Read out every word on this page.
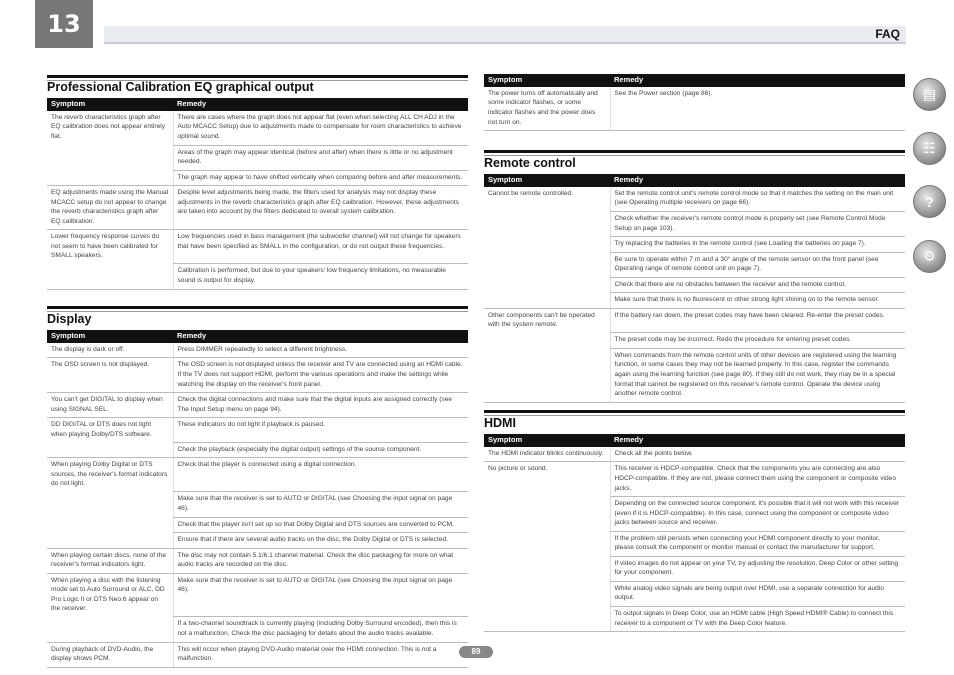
13	FAQ
Professional Calibration EQ graphical output
Symptom	Remedy
The reverb characteristics graph after EQ calibration does not appear entirely flat.	There are cases where the graph does not appear flat (even when selecting ALL CH ADJ in the Auto MCACC Setup) due to adjustments made to compensate for room characteristics to achieve optimal sound.
	Areas of the graph may appear identical (before and after) when there is little or no adjustment needed.
	The graph may appear to have shifted vertically when comparing before and after measurements.
EQ adjustments made using the Manual MCACC setup do not appear to change the reverb characteristics graph after EQ calibration.	Despite level adjustments being made, the filters used for analysis may not display these adjustments in the reverb characteristics graph after EQ calibration. However, these adjustments are taken into account by the filters dedicated to overall system calibration.
Lower frequency response curves do not seem to have been calibrated for SMALL speakers.	Low frequencies used in bass management (the subwoofer channel) will not change for speakers that have been specified as SMALL in the configuration, or do not output these frequencies.
	Calibration is performed, but due to your speakers' low frequency limitations, no measurable sound is output for display.
Display
Symptom	Remedy
The display is dark or off.	Press DIMMER repeatedly to select a different brightness.
The OSD screen is not displayed.	The OSD screen is not displayed unless the receiver and TV are connected using an HDMI cable. If the TV does not support HDMI, perform the various operations and make the settings while watching the display on the receiver's front panel.
You can't get DIGITAL to display when using SIGNAL SEL.	Check the digital connections and make sure that the digital inputs are assigned correctly (see The Input Setup menu on page 94).
DD DIGITAL or DTS does not light when playing Dolby/DTS software.	These indicators do not light if playback is paused.
	Check the playback (especially the digital output) settings of the source component.
When playing Dolby Digital or DTS sources, the receiver's format indicators do not light.	Check that the player is connected using a digital connection.
	Make sure that the receiver is set to AUTO or DIGITAL (see Choosing the input signal on page 46).
	Check that the player isn't set up so that Dolby Digital and DTS sources are converted to PCM.
	Ensure that if there are several audio tracks on the disc, the Dolby Digital or DTS is selected.
When playing certain discs, none of the receiver's format indicators light.	The disc may not contain 5.1/6.1 channel material. Check the disc packaging for more on what audio tracks are recorded on the disc.
When playing a disc with the listening mode set to Auto Surround or ALC, DD Pro Logic II or DTS Neo:6 appear on the receiver.	Make sure that the receiver is set to AUTO or DIGITAL (see Choosing the input signal on page 46).
	If a two-channel soundtrack is currently playing (including Dolby Surround encoded), then this is not a malfunction. Check the disc packaging for details about the audio tracks available.
During playback of DVD-Audio, the display shows PCM.	This will occur when playing DVD-Audio material over the HDMI connection. This is not a malfunction.
Symptom	Remedy
The power turns off automatically and some indicator flashes, or some indicator flashes and the power does not turn on.	See the Power section (page 86).
Remote control
Symptom	Remedy
Cannot be remote controlled.	Set the remote control unit's remote control mode so that it matches the setting on the main unit (see Operating multiple receivers on page 66).
	Check whether the receiver's remote control mode is properly set (see Remote Control Mode Setup on page 103).
	Try replacing the batteries in the remote control (see Loading the batteries on page 7).
	Be sure to operate within 7 m and a 30° angle of the remote sensor on the front panel (see Operating range of remote control unit on page 7).
	Check that there are no obstacles between the receiver and the remote control.
	Make sure that there is no fluorescent or other strong light shining on to the remote sensor.
Other components can't be operated with the system remote.	If the battery ran down, the preset codes may have been cleared. Re-enter the preset codes.
	The preset code may be incorrect. Redo the procedure for entering preset codes.
	When commands from the remote control units of other devices are registered using the learning function, in some cases they may not be learned properly. In this case, register the commands again using the learning function (see page 80). If they still do not work, they may be in a special format that cannot be registered on this receiver's remote control. Operate the device using another remote control.
HDMI
Symptom	Remedy
The HDMI indicator blinks continuously.	Check all the points below.
No picture or sound.	This receiver is HDCP-compatible. Check that the components you are connecting are also HDCP-compatible. If they are not, please connect them using the component or composite video jacks.
	Depending on the connected source component, it's possible that it will not work with this receiver (even if it is HDCP-compatible). In this case, connect using the component or composite video jacks between source and receiver.
	If the problem still persists when connecting your HDMI component directly to your monitor, please consult the component or monitor manual or contact the manufacturer for support.
	If video images do not appear on your TV, try adjusting the resolution, Deep Color or other setting for your component.
	While analog video signals are being output over HDMI, use a separate connection for audio output.
	To output signals in Deep Color, use an HDMI cable (High Speed HDMI® Cable) to connect this receiver to a component or TV with the Deep Color feature.
▤
☷
?
⚙
89
